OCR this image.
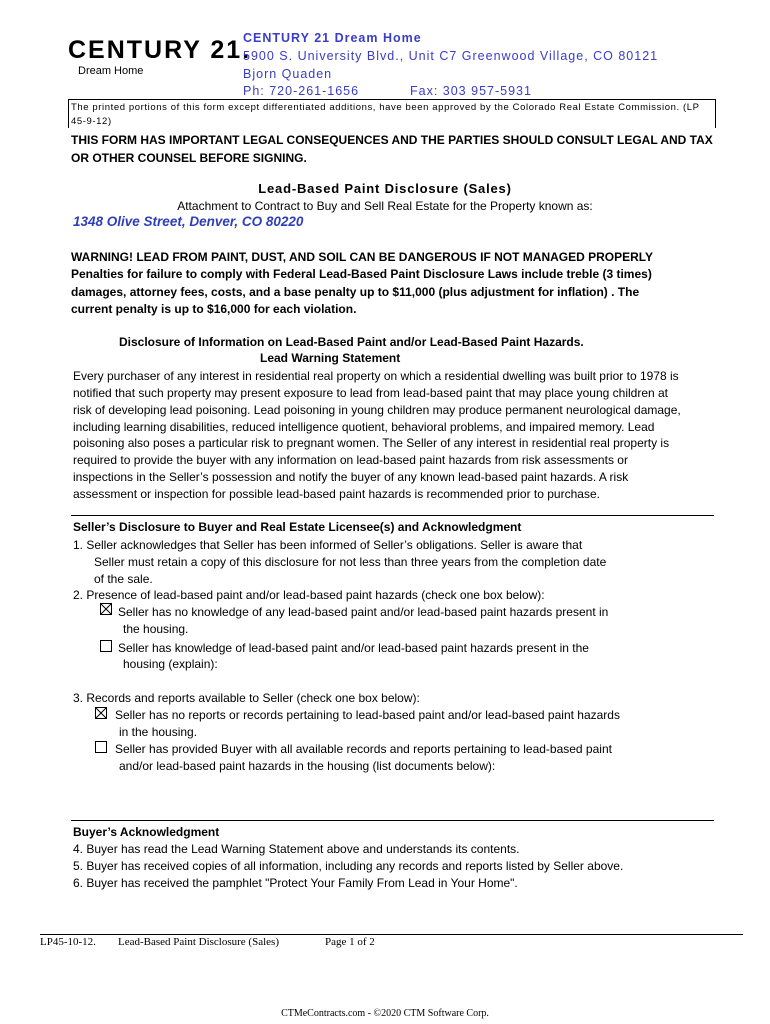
CENTURY 21.
Dream Home
CENTURY 21 Dream Home
5900 S. University Blvd., Unit C7 Greenwood Village, CO 80121
Bjorn Quaden
Ph: 720-261-1656	Fax: 303 957-5931
The printed portions of this form except differentiated additions, have been approved by the Colorado Real Estate Commission. (LP 45-9-12)
THIS FORM HAS IMPORTANT LEGAL CONSEQUENCES AND THE PARTIES SHOULD CONSULT LEGAL AND TAX OR OTHER COUNSEL BEFORE SIGNING.
Lead-Based Paint Disclosure (Sales)
Attachment to Contract to Buy and Sell Real Estate for the Property known as:
1348 Olive Street, Denver, CO 80220
WARNING! LEAD FROM PAINT, DUST, AND SOIL CAN BE DANGEROUS IF NOT MANAGED PROPERLY
Penalties for failure to comply with Federal Lead-Based Paint Disclosure Laws include treble (3 times)
damages, attorney fees, costs, and a base penalty up to $11,000 (plus adjustment for inflation) . The
current penalty is up to $16,000 for each violation.
Disclosure of Information on Lead-Based Paint and/or Lead-Based Paint Hazards.
Lead Warning Statement
Every purchaser of any interest in residential real property on which a residential dwelling was built prior to 1978 is
notified that such property may present exposure to lead from lead-based paint that may place young children at
risk of developing lead poisoning. Lead poisoning in young children may produce permanent neurological damage,
including learning disabilities, reduced intelligence quotient, behavioral problems, and impaired memory. Lead
poisoning also poses a particular risk to pregnant women. The Seller of any interest in residential real property is
required to provide the buyer with any information on lead-based paint hazards from risk assessments or
inspections in the Seller’s possession and notify the buyer of any known lead-based paint hazards. A risk
assessment or inspection for possible lead-based paint hazards is recommended prior to purchase.
Seller’s Disclosure to Buyer and Real Estate Licensee(s) and Acknowledgment
1. Seller acknowledges that Seller has been informed of Seller’s obligations. Seller is aware that
Seller must retain a copy of this disclosure for not less than three years from the completion date
of the sale.
2. Presence of lead-based paint and/or lead-based paint hazards (check one box below):
Seller has no knowledge of any lead-based paint and/or lead-based paint hazards present in
the housing.
Seller has knowledge of lead-based paint and/or lead-based paint hazards present in the
housing (explain):
3. Records and reports available to Seller (check one box below):
Seller has no reports or records pertaining to lead-based paint and/or lead-based paint hazards
in the housing.
Seller has provided Buyer with all available records and reports pertaining to lead-based paint
and/or lead-based paint hazards in the housing (list documents below):
Buyer’s Acknowledgment
4. Buyer has read the Lead Warning Statement above and understands its contents.
5. Buyer has received copies of all information, including any records and reports listed by Seller above.
6. Buyer has received the pamphlet "Protect Your Family From Lead in Your Home".
LP45-10-12. Lead-Based Paint Disclosure (Sales)	Page 1 of 2
CTMeContracts.com - ©2020 CTM Software Corp.
